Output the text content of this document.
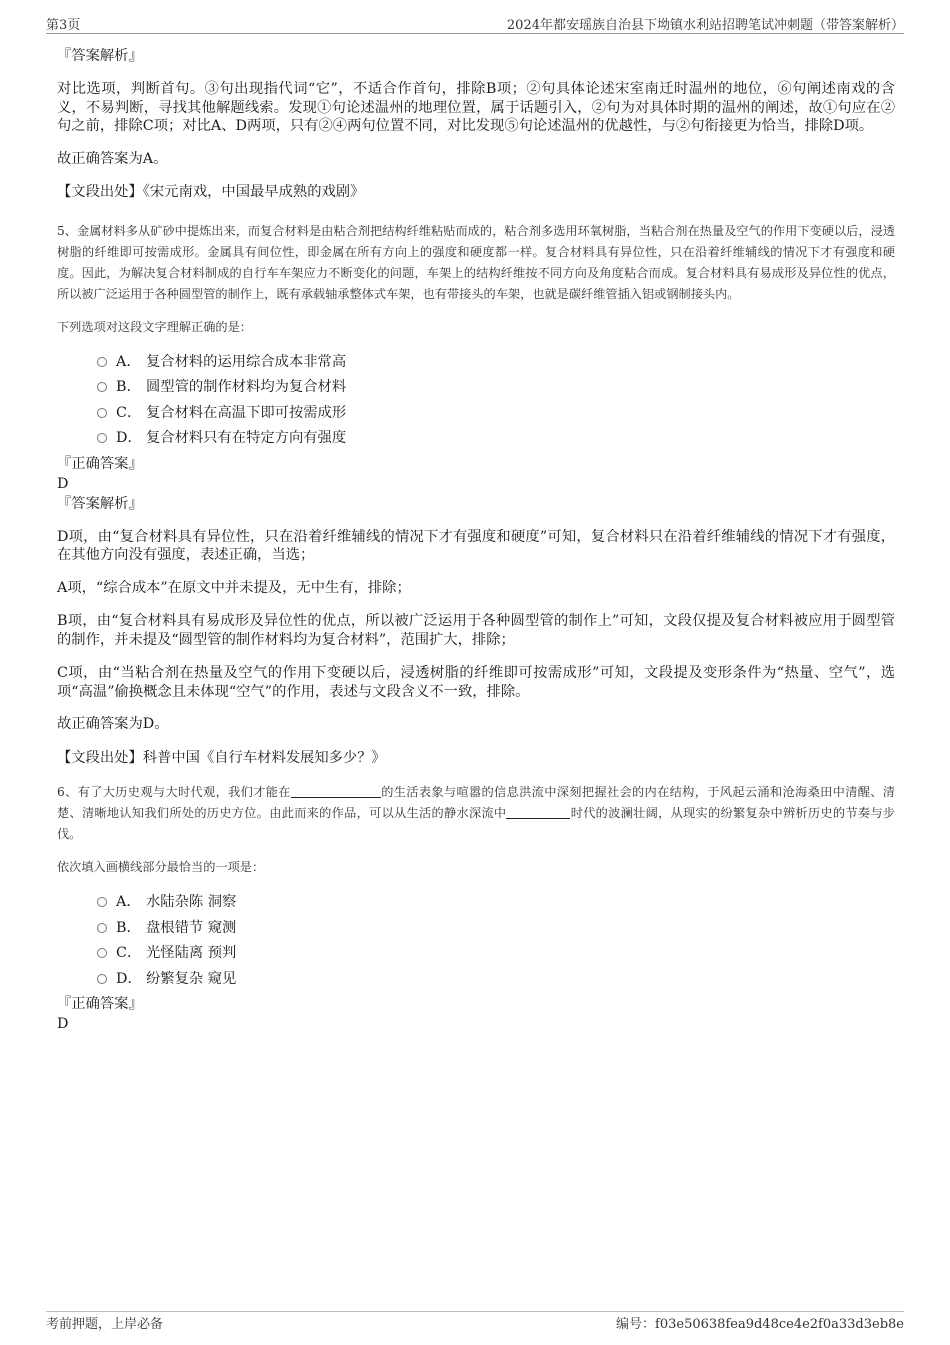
第3页	2024年都安瑶族自治县下坳镇水利站招聘笔试冲刺题（带答案解析）

『答案解析』

对比选项，判断首句。③句出现指代词“它”，不适合作首句，排除B项；②句具体论述宋室南迁时温州的地位，⑥句阐述南戏的含义，不易判断，寻找其他解题线索。发现①句论述温州的地理位置，属于话题引入，②句为对具体时期的温州的阐述，故①句应在②句之前，排除C项；对比A、D两项，只有②④两句位置不同，对比发现⑤句论述温州的优越性，与②句衔接更为恰当，排除D项。

故正确答案为A。

【文段出处】《宋元南戏，中国最早成熟的戏剧》

5、金属材料多从矿砂中提炼出来，而复合材料是由粘合剂把结构纤维粘贴而成的，粘合剂多选用环氧树脂，当粘合剂在热量及空气的作用下变硬以后，浸透树脂的纤维即可按需成形。金属具有间位性，即金属在所有方向上的强度和硬度都一样。复合材料具有异位性，只在沿着纤维辅线的情况下才有强度和硬度。因此，为解决复合材料制成的自行车车架应力不断变化的问题，车架上的结构纤维按不同方向及角度粘合而成。复合材料具有易成形及异位性的优点，所以被广泛运用于各种圆型管的制作上，既有承载轴承整体式车架，也有带接头的车架，也就是碳纤维管插入铝或钢制接头内。

下列选项对这段文字理解正确的是：

A． 复合材料的运用综合成本非常高
B． 圆型管的制作材料均为复合材料
C． 复合材料在高温下即可按需成形
D． 复合材料只有在特定方向有强度

『正确答案』

D

『答案解析』

D项，由“复合材料具有异位性，只在沿着纤维辅线的情况下才有强度和硬度”可知，复合材料只在沿着纤维辅线的情况下才有强度，在其他方向没有强度，表述正确，当选；

A项，“综合成本”在原文中并未提及，无中生有，排除；

B项，由“复合材料具有易成形及异位性的优点，所以被广泛运用于各种圆型管的制作上”可知，文段仅提及复合材料被应用于圆型管的制作，并未提及“圆型管的制作材料均为复合材料”，范围扩大，排除；

C项，由“当粘合剂在热量及空气的作用下变硬以后，浸透树脂的纤维即可按需成形”可知，文段提及变形条件为“热量、空气”，选项“高温”偷换概念且未体现“空气”的作用，表述与文段含义不一致，排除。

故正确答案为D。

【文段出处】科普中国《自行车材料发展知多少？》

6、有了大历史观与大时代观，我们才能在	的生活表象与喧嚣的信息洪流中深刻把握社会的内在结构，于风起云涌和沧海桑田中清醒、清楚、清晰地认知我们所处的历史方位。由此而来的作品，可以从生活的静水深流中	时代的波澜壮阔，从现实的纷繁复杂中辨析历史的节奏与步伐。

依次填入画横线部分最恰当的一项是：

A． 水陆杂陈 洞察
B． 盘根错节 窥测
C． 光怪陆离 预判
D． 纷繁复杂 窥见

『正确答案』

D

考前押题，上岸必备	编号：f03e50638fea9d48ce4e2f0a33d3eb8e
